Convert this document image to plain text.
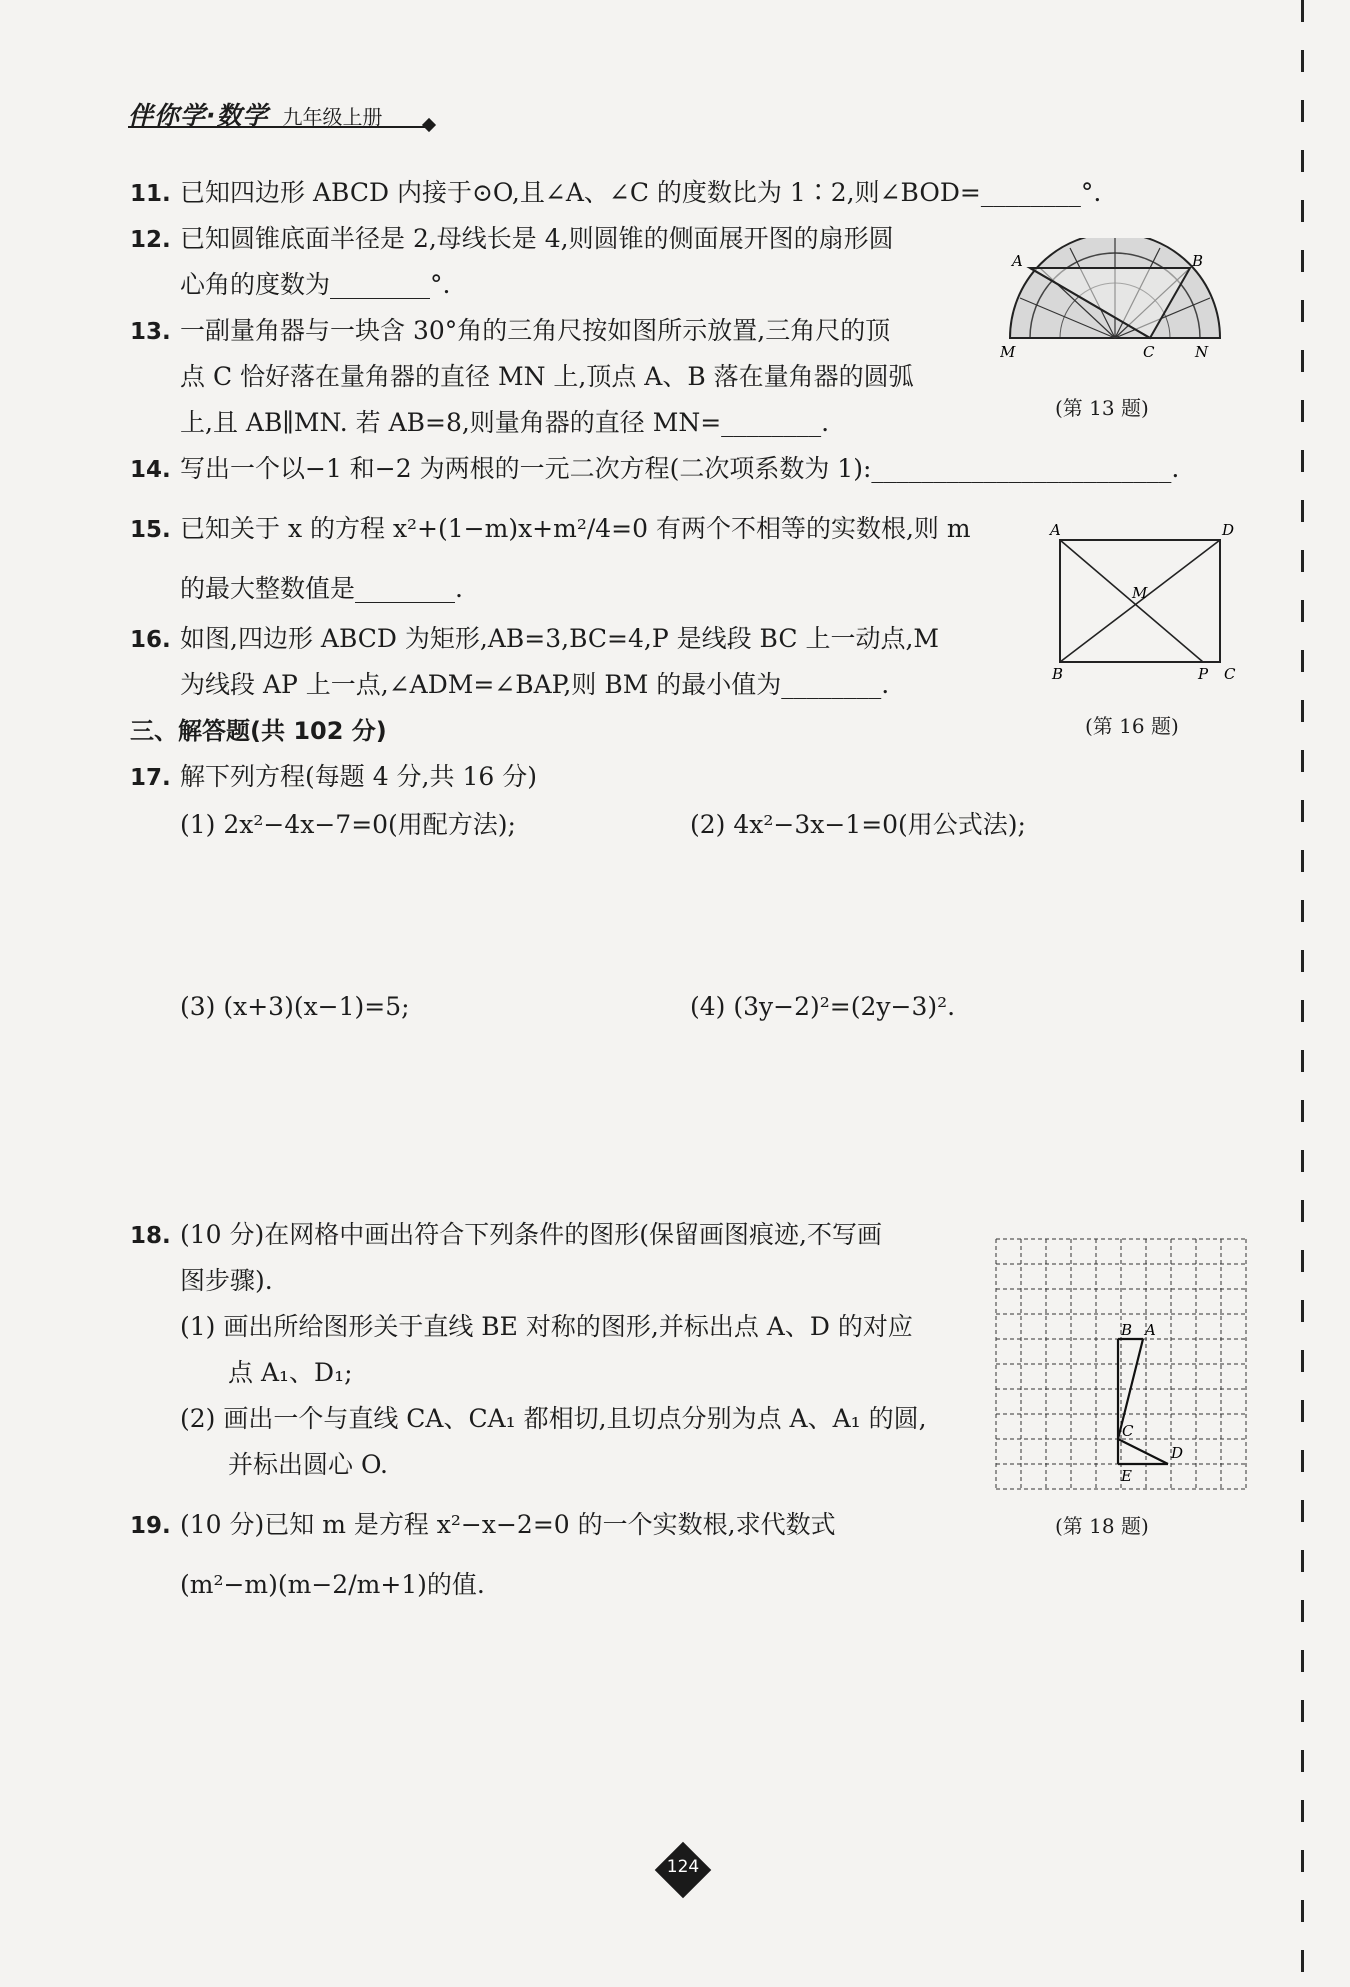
伴你学·数学 九年级上册
11. 已知四边形 ABCD 内接于⊙O,且∠A、∠C 的度数比为 1∶2,则∠BOD=________°.
12. 已知圆锥底面半径是 2,母线长是 4,则圆锥的侧面展开图的扇形圆
心角的度数为________°.
13. 一副量角器与一块含 30°角的三角尺按如图所示放置,三角尺的顶
点 C 恰好落在量角器的直径 MN 上,顶点 A、B 落在量角器的圆弧
上,且 AB∥MN. 若 AB=8,则量角器的直径 MN=________.
A	B
M	C	N
(第 13 题)
14. 写出一个以−1 和−2 为两根的一元二次方程(二次项系数为 1):________________________.
15. 已知关于 x 的方程 x²+(1−m)x+m²/4=0 有两个不相等的实数根,则 m
的最大整数值是________.
A	D
M
B	P C
(第 16 题)
16. 如图,四边形 ABCD 为矩形,AB=3,BC=4,P 是线段 BC 上一动点,M
为线段 AP 上一点,∠ADM=∠BAP,则 BM 的最小值为________.
三、解答题(共 102 分)
17. 解下列方程(每题 4 分,共 16 分)
(1) 2x²−4x−7=0(用配方法);	(2) 4x²−3x−1=0(用公式法);
(3) (x+3)(x−1)=5;	(4) (3y−2)²=(2y−3)².
18. (10 分)在网格中画出符合下列条件的图形(保留画图痕迹,不写画
图步骤).
(1) 画出所给图形关于直线 BE 对称的图形,并标出点 A、D 的对应
点 A₁、D₁;
(2) 画出一个与直线 CA、CA₁ 都相切,且切点分别为点 A、A₁ 的圆,
并标出圆心 O.
B A
C
D
E
(第 18 题)
19. (10 分)已知 m 是方程 x²−x−2=0 的一个实数根,求代数式
(m²−m)(m−2/m+1)的值.
124
